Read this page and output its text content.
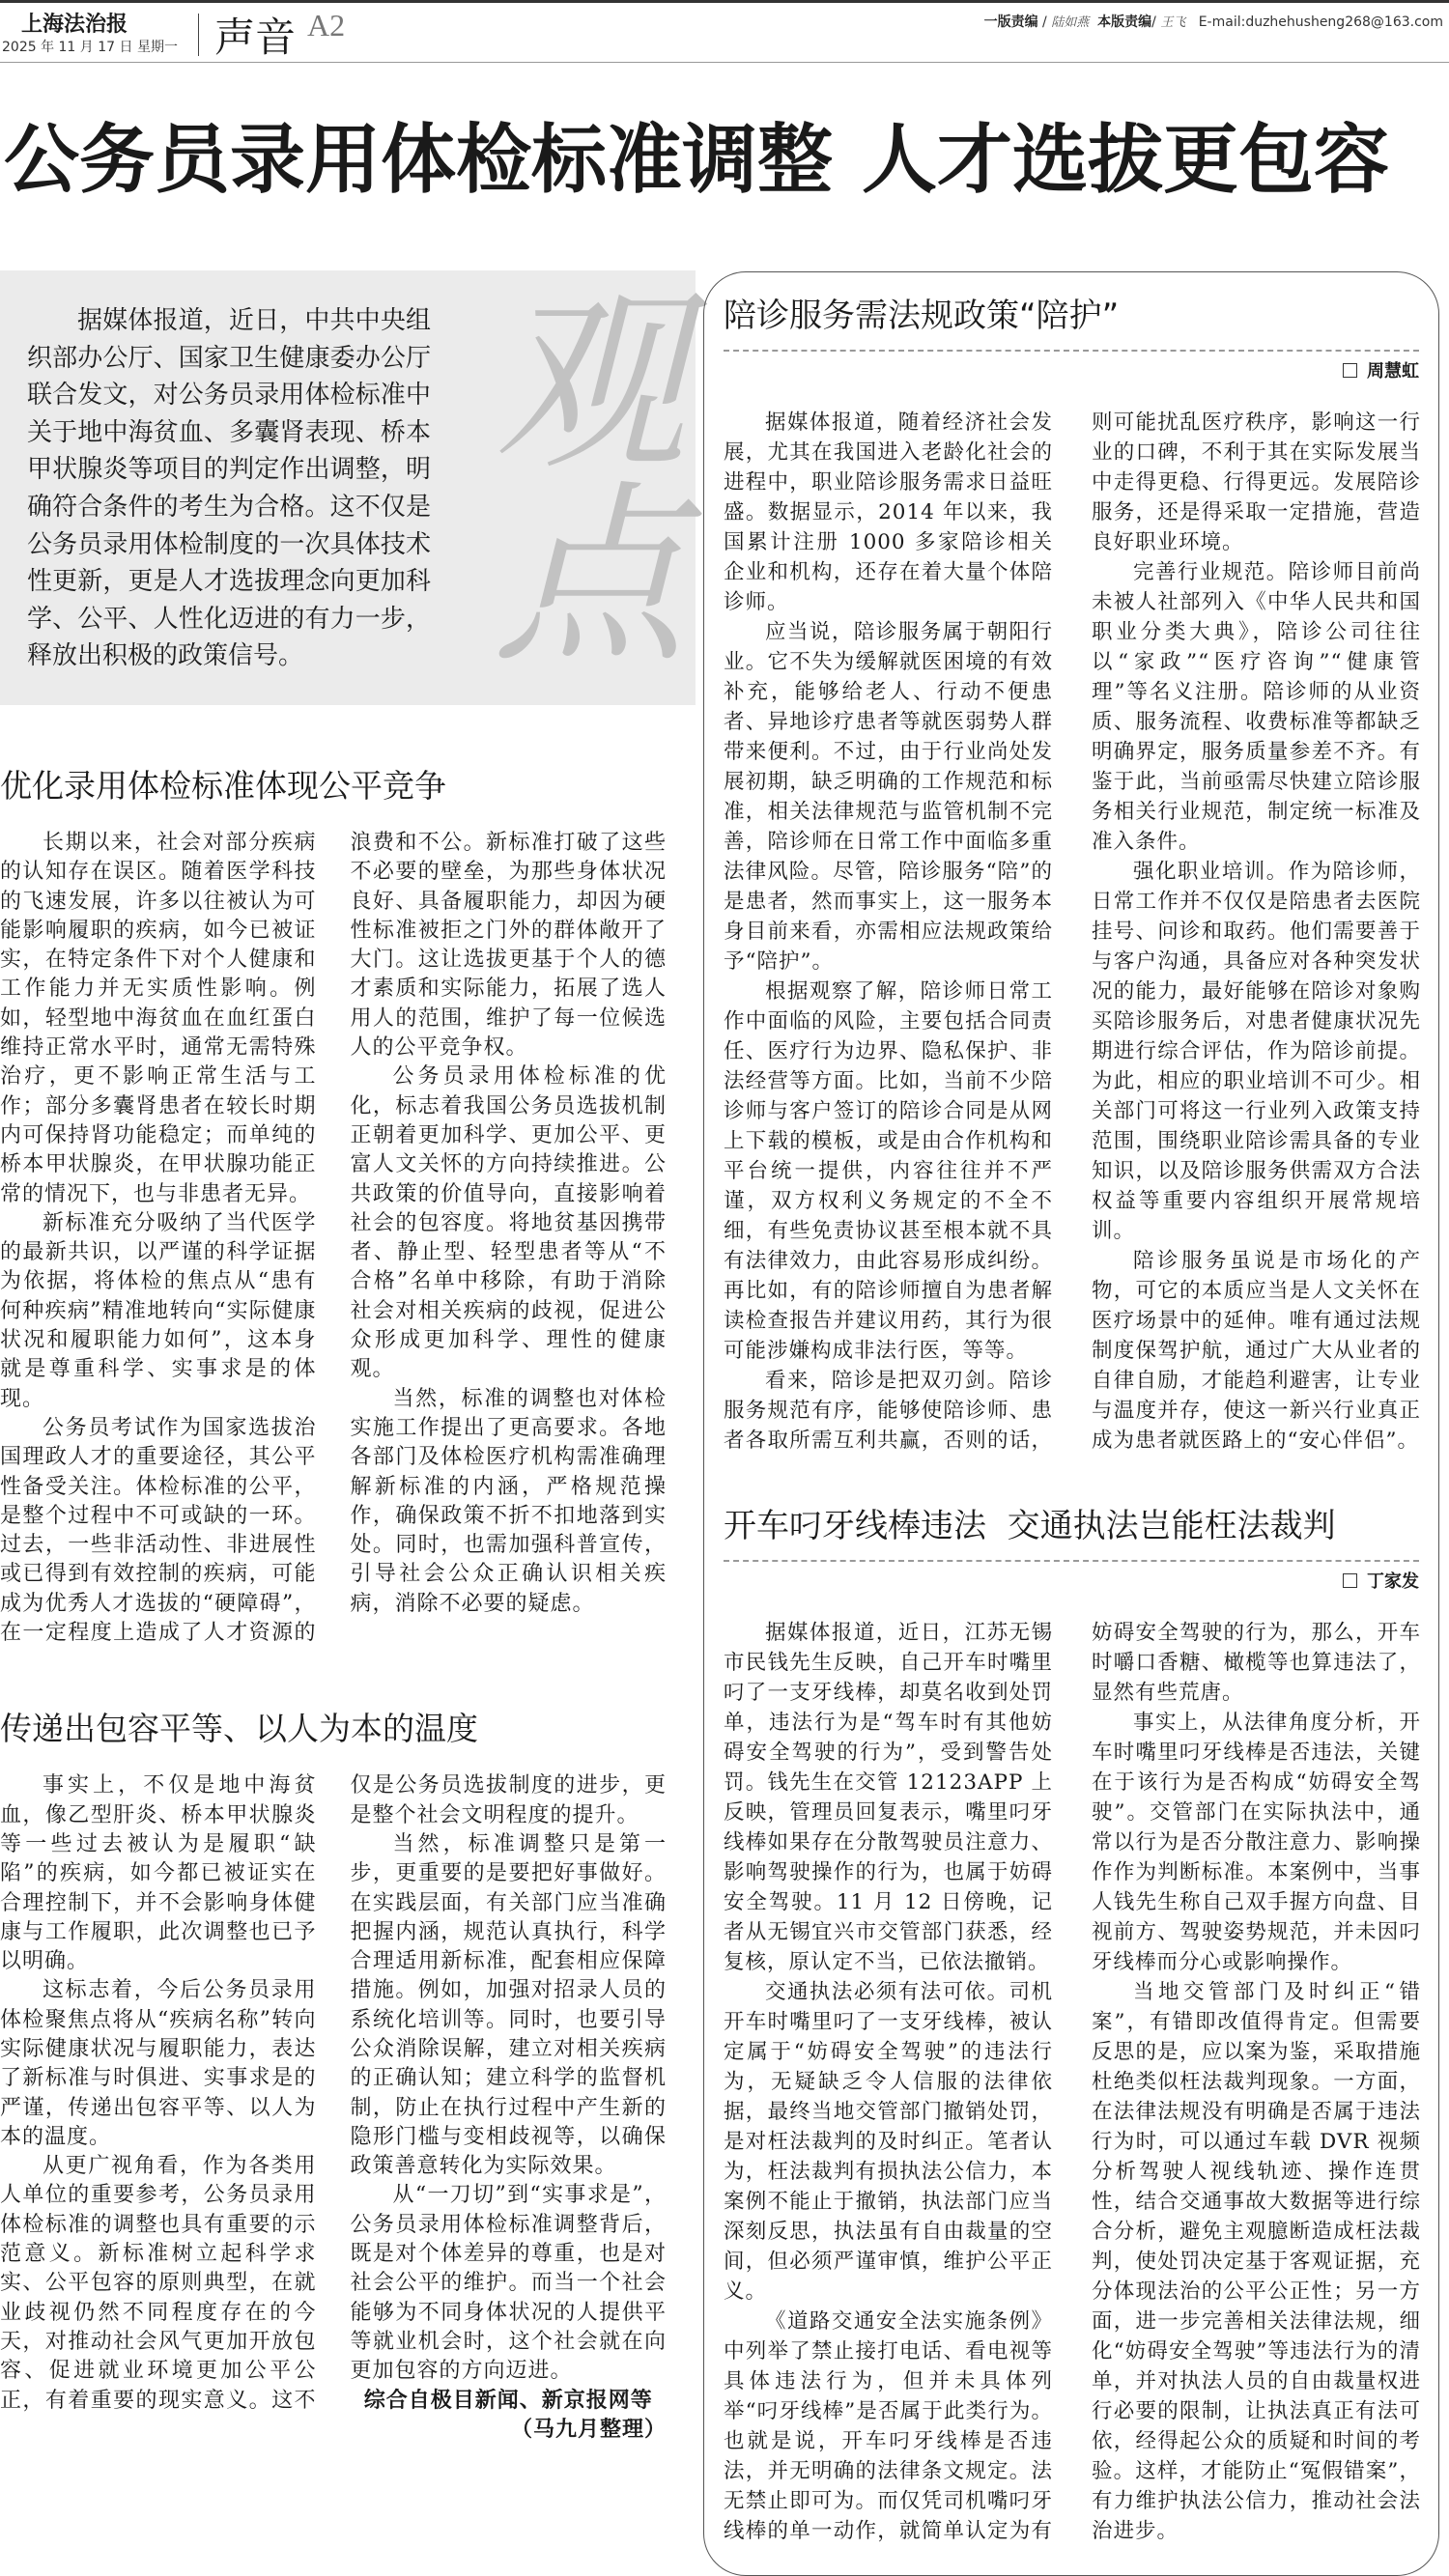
上海法治报
2025 年 11 月 17 日 星期一 声音 A2	一版责编 / 陆如燕 本版责编/ 王飞 E-mail:duzhehusheng268@163.com
公务员录用体检标准调整 人才选拔更包容
观点
据媒体报道，近日，中共中央组织部办公厅、国家卫生健康委办公厅联合发文，对公务员录用体检标准中关于地中海贫血、多囊肾表现、桥本甲状腺炎等项目的判定作出调整，明确符合条件的考生为合格。这不仅是公务员录用体检制度的一次具体技术性更新，更是人才选拔理念向更加科学、公平、人性化迈进的有力一步，释放出积极的政策信号。
优化录用体检标准体现公平竞争

长期以来，社会对部分疾病的认知存在误区。随着医学科技的飞速发展，许多以往被认为可能影响履职的疾病，如今已被证实，在特定条件下对个人健康和工作能力并无实质性影响。例如，轻型地中海贫血在血红蛋白维持正常水平时，通常无需特殊治疗，更不影响正常生活与工作；部分多囊肾患者在较长时期内可保持肾功能稳定；而单纯的桥本甲状腺炎，在甲状腺功能正常的情况下，也与非患者无异。

新标准充分吸纳了当代医学的最新共识，以严谨的科学证据为依据，将体检的焦点从“患有何种疾病”精准地转向“实际健康状况和履职能力如何”，这本身就是尊重科学、实事求是的体现。

公务员考试作为国家选拔治国理政人才的重要途径，其公平性备受关注。体检标准的公平，是整个过程中不可或缺的一环。过去，一些非活动性、非进展性或已得到有效控制的疾病，可能成为优秀人才选拔的“硬障碍”，在一定程度上造成了人才资源的浪费和不公。新标准打破了这些不必要的壁垒，为那些身体状况良好、具备履职能力，却因为硬性标准被拒之门外的群体敞开了大门。这让选拔更基于个人的德才素质和实际能力，拓展了选人用人的范围，维护了每一位候选人的公平竞争权。

公务员录用体检标准的优化，标志着我国公务员选拔机制正朝着更加科学、更加公平、更富人文关怀的方向持续推进。公共政策的价值导向，直接影响着社会的包容度。将地贫基因携带者、静止型、轻型患者等从“不合格”名单中移除，有助于消除社会对相关疾病的歧视，促进公众形成更加科学、理性的健康观。

当然，标准的调整也对体检实施工作提出了更高要求。各地各部门及体检医疗机构需准确理解新标准的内涵，严格规范操作，确保政策不折不扣地落到实处。同时，也需加强科普宣传，引导社会公众正确认识相关疾病，消除不必要的疑虑。

传递出包容平等、以人为本的温度

事实上，不仅是地中海贫血，像乙型肝炎、桥本甲状腺炎等一些过去被认为是履职“缺陷”的疾病，如今都已被证实在合理控制下，并不会影响身体健康与工作履职，此次调整也已予以明确。

这标志着，今后公务员录用体检聚焦点将从“疾病名称”转向实际健康状况与履职能力，表达了新标准与时俱进、实事求是的严谨，传递出包容平等、以人为本的温度。

从更广视角看，作为各类用人单位的重要参考，公务员录用体检标准的调整也具有重要的示范意义。新标准树立起科学求实、公平包容的原则典型，在就业歧视仍然不同程度存在的今天，对推动社会风气更加开放包容、促进就业环境更加公平公正，有着重要的现实意义。这不仅是公务员选拔制度的进步，更是整个社会文明程度的提升。

当然，标准调整只是第一步，更重要的是要把好事做好。在实践层面，有关部门应当准确把握内涵，规范认真执行，科学合理适用新标准，配套相应保障措施。例如，加强对招录人员的系统化培训等。同时，也要引导公众消除误解，建立对相关疾病的正确认知；建立科学的监督机制，防止在执行过程中产生新的隐形门槛与变相歧视等，以确保政策善意转化为实际效果。

从“一刀切”到“实事求是”，公务员录用体检标准调整背后，既是对个体差异的尊重，也是对社会公平的维护。而当一个社会能够为不同身体状况的人提供平等就业机会时，这个社会就在向更加包容的方向迈进。

综合自极目新闻、新京报网等

（马九月整理）

陪诊服务需法规政策“陪护”
周慧虹

据媒体报道，随着经济社会发展，尤其在我国进入老龄化社会的进程中，职业陪诊服务需求日益旺盛。数据显示，2014 年以来，我国累计注册 1000 多家陪诊相关企业和机构，还存在着大量个体陪诊师。

应当说，陪诊服务属于朝阳行业。它不失为缓解就医困境的有效补充，能够给老人、行动不便患者、异地诊疗患者等就医弱势人群带来便利。不过，由于行业尚处发展初期，缺乏明确的工作规范和标准，相关法律规范与监管机制不完善，陪诊师在日常工作中面临多重法律风险。尽管，陪诊服务“陪”的是患者，然而事实上，这一服务本身目前来看，亦需相应法规政策给予“陪护”。

根据观察了解，陪诊师日常工作中面临的风险，主要包括合同责任、医疗行为边界、隐私保护、非法经营等方面。比如，当前不少陪诊师与客户签订的陪诊合同是从网上下载的模板，或是由合作机构和平台统一提供，内容往往并不严谨，双方权利义务规定的不全不细，有些免责协议甚至根本就不具有法律效力，由此容易形成纠纷。再比如，有的陪诊师擅自为患者解读检查报告并建议用药，其行为很可能涉嫌构成非法行医，等等。

看来，陪诊是把双刃剑。陪诊服务规范有序，能够使陪诊师、患者各取所需互利共赢，否则的话，则可能扰乱医疗秩序，影响这一行业的口碑，不利于其在实际发展当中走得更稳、行得更远。发展陪诊服务，还是得采取一定措施，营造良好职业环境。

完善行业规范。陪诊师目前尚未被人社部列入《中华人民共和国职业分类大典》，陪诊公司往往以“家政”“医疗咨询”“健康管理”等名义注册。陪诊师的从业资质、服务流程、收费标准等都缺乏明确界定，服务质量参差不齐。有鉴于此，当前亟需尽快建立陪诊服务相关行业规范，制定统一标准及准入条件。

强化职业培训。作为陪诊师，日常工作并不仅仅是陪患者去医院挂号、问诊和取药。他们需要善于与客户沟通，具备应对各种突发状况的能力，最好能够在陪诊对象购买陪诊服务后，对患者健康状况先期进行综合评估，作为陪诊前提。为此，相应的职业培训不可少。相关部门可将这一行业列入政策支持范围，围绕职业陪诊需具备的专业知识，以及陪诊服务供需双方合法权益等重要内容组织开展常规培训。

陪诊服务虽说是市场化的产物，可它的本质应当是人文关怀在医疗场景中的延伸。唯有通过法规制度保驾护航，通过广大从业者的自律自励，才能趋利避害，让专业与温度并存，使这一新兴行业真正成为患者就医路上的“安心伴侣”。

开车叼牙线棒违法 交通执法岂能枉法裁判
丁家发

据媒体报道，近日，江苏无锡市民钱先生反映，自己开车时嘴里叼了一支牙线棒，却莫名收到处罚单，违法行为是“驾车时有其他妨碍安全驾驶的行为”，受到警告处罚。钱先生在交管 12123APP 上反映，管理员回复表示，嘴里叼牙线棒如果存在分散驾驶员注意力、影响驾驶操作的行为，也属于妨碍安全驾驶。11 月 12 日傍晚，记者从无锡宜兴市交管部门获悉，经复核，原认定不当，已依法撤销。

交通执法必须有法可依。司机开车时嘴里叼了一支牙线棒，被认定属于“妨碍安全驾驶”的违法行为，无疑缺乏令人信服的法律依据，最终当地交管部门撤销处罚，是对枉法裁判的及时纠正。笔者认为，枉法裁判有损执法公信力，本案例不能止于撤销，执法部门应当深刻反思，执法虽有自由裁量的空间，但必须严谨审慎，维护公平正义。

《道路交通安全法实施条例》中列举了禁止接打电话、看电视等具体违法行为，但并未具体列举“叼牙线棒”是否属于此类行为。也就是说，开车叼牙线棒是否违法，并无明确的法律条文规定。法无禁止即可为。而仅凭司机嘴叼牙线棒的单一动作，就简单认定为有妨碍安全驾驶的行为，那么，开车时嚼口香糖、橄榄等也算违法了，显然有些荒唐。

事实上，从法律角度分析，开车时嘴里叼牙线棒是否违法，关键在于该行为是否构成“妨碍安全驾驶”。交管部门在实际执法中，通常以行为是否分散注意力、影响操作作为判断标准。本案例中，当事人钱先生称自己双手握方向盘、目视前方、驾驶姿势规范，并未因叼牙线棒而分心或影响操作。

当地交管部门及时纠正“错案”，有错即改值得肯定。但需要反思的是，应以案为鉴，采取措施杜绝类似枉法裁判现象。一方面，在法律法规没有明确是否属于违法行为时，可以通过车载 DVR 视频分析驾驶人视线轨迹、操作连贯性，结合交通事故大数据等进行综合分析，避免主观臆断造成枉法裁判，使处罚决定基于客观证据，充分体现法治的公平公正性；另一方面，进一步完善相关法律法规，细化“妨碍安全驾驶”等违法行为的清单，并对执法人员的自由裁量权进行必要的限制，让执法真正有法可依，经得起公众的质疑和时间的考验。这样，才能防止“冤假错案”，有力维护执法公信力，推动社会法治进步。
